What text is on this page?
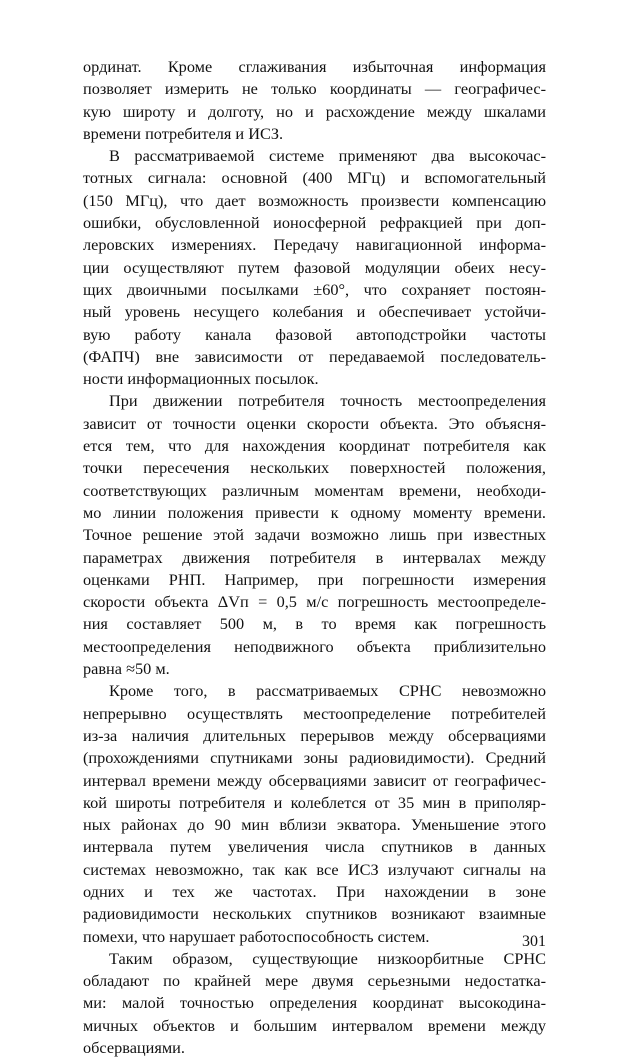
ординат. Кроме сглаживания избыточная информация
позволяет измерить не только координаты — географичес-
кую широту и долготу, но и расхождение между шкалами
времени потребителя и ИСЗ.
В рассматриваемой системе применяют два высокочас-
тотных сигнала: основной (400 МГц) и вспомогательный
(150 МГц), что дает возможность произвести компенсацию
ошибки, обусловленной ионосферной рефракцией при доп-
леровских измерениях. Передачу навигационной информа-
ции осуществляют путем фазовой модуляции обеих несу-
щих двоичными посылками ±60°, что сохраняет постоян-
ный уровень несущего колебания и обеспечивает устойчи-
вую работу канала фазовой автоподстройки частоты
(ФАПЧ) вне зависимости от передаваемой последователь-
ности информационных посылок.
При движении потребителя точность местоопределения
зависит от точности оценки скорости объекта. Это объясня-
ется тем, что для нахождения координат потребителя как
точки пересечения нескольких поверхностей положения,
соответствующих различным моментам времени, необходи-
мо линии положения привести к одному моменту времени.
Точное решение этой задачи возможно лишь при известных
параметрах движения потребителя в интервалах между
оценками РНП. Например, при погрешности измерения
скорости объекта ΔVп = 0,5 м/с погрешность местоопределе-
ния составляет 500 м, в то время как погрешность
местоопределения неподвижного объекта приблизительно
равна ≈50 м.
Кроме того, в рассматриваемых СРНС невозможно
непрерывно осуществлять местоопределение потребителей
из-за наличия длительных перерывов между обсервациями
(прохождениями спутниками зоны радиовидимости). Средний
интервал времени между обсервациями зависит от географичес-
кой широты потребителя и колеблется от 35 мин в приполяр-
ных районах до 90 мин вблизи экватора. Уменьшение этого
интервала путем увеличения числа спутников в данных
системах невозможно, так как все ИСЗ излучают сигналы на
одних и тех же частотах. При нахождении в зоне
радиовидимости нескольких спутников возникают взаимные
помехи, что нарушает работоспособность систем.
Таким образом, существующие низкоорбитные СРНС
обладают по крайней мере двумя серьезными недостатка-
ми: малой точностью определения координат высокодина-
мичных объектов и большим интервалом времени между
обсервациями.
301
